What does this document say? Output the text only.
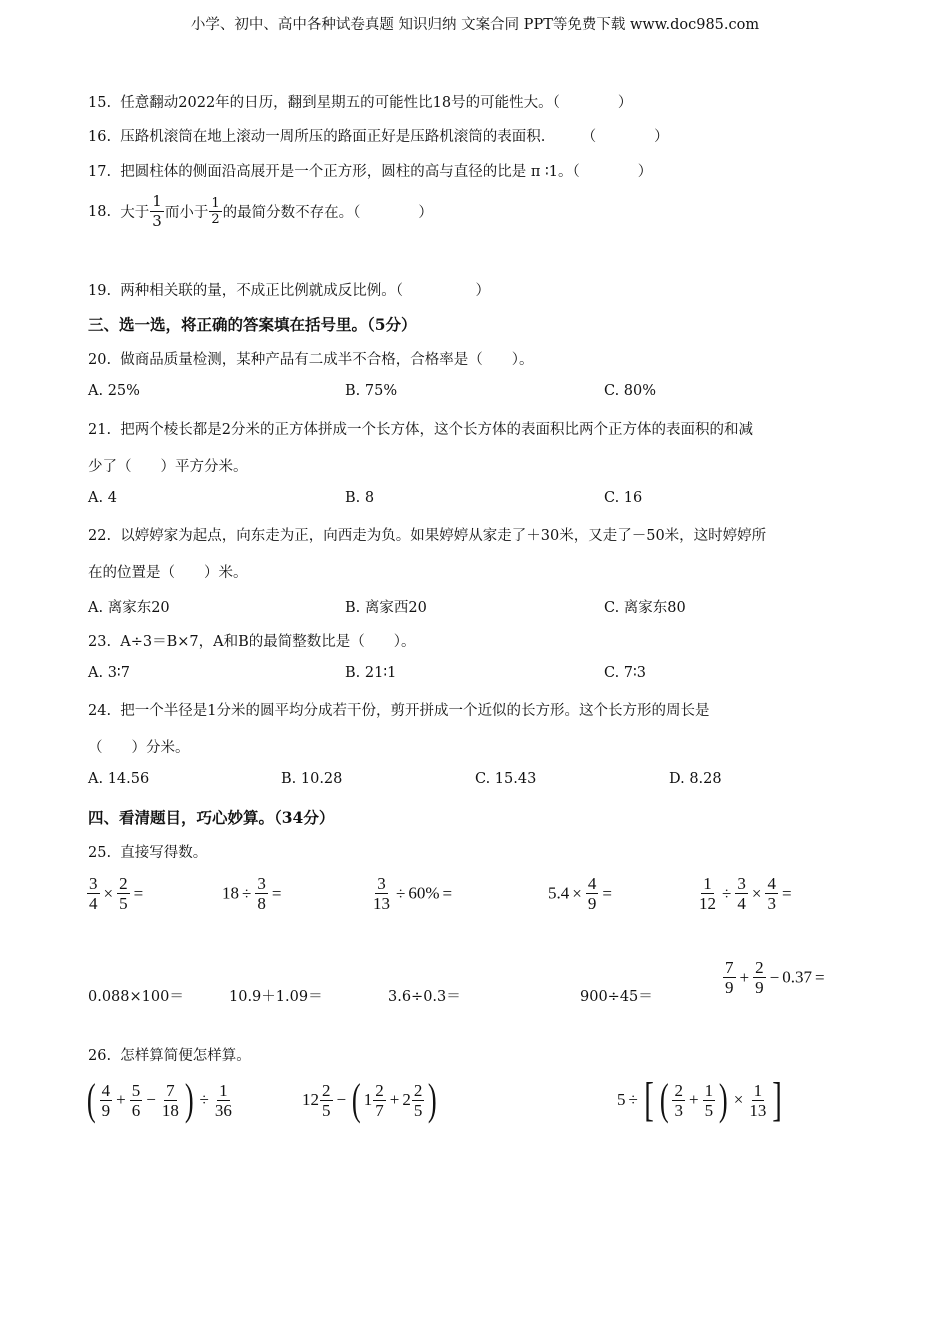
小学、初中、高中各种试卷真题 知识归纳 文案合同 PPT等免费下载 www.doc985.com
15. 任意翻动2022年的日历，翻到星期五的可能性比18号的可能性大。（　　　　）
16. 压路机滚筒在地上滚动一周所压的路面正好是压路机滚筒的表面积.　　　（　　　　）
17. 把圆柱体的侧面沿高展开是一个正方形，圆柱的高与直径的比是 π ∶1。（　　　　）
18.
大于 $\frac{1}{3}$ 而小于 $\frac{1}{2}$ 的最简分数不存在。（　　　　）
19. 两种相关联的量，不成正比例就成反比例。（　　　　　）
三、选一选，将正确的答案填在括号里。（5分）
20. 做商品质量检测，某种产品有二成半不合格，合格率是（　　）。
A. 25%	B. 75%	C. 80%
21. 把两个棱长都是2分米的正方体拼成一个长方体，这个长方体的表面积比两个正方体的表面积的和减
少了（　　）平方分米。
A. 4	B. 8	C. 16
22. 以婷婷家为起点，向东走为正，向西走为负。如果婷婷从家走了＋30米，又走了－50米，这时婷婷所
在的位置是（　　）米。
A. 离家东20	B. 离家西20	C. 离家东80
23. A÷3＝B×7，A和B的最简整数比是（　　）。
A. 3∶7	B. 21∶1	C. 7∶3
24. 把一个半径是1分米的圆平均分成若干份，剪开拼成一个近似的长方形。这个长方形的周长是
（　　）分米。
A. 14.56	B. 10.28	C. 15.43	D. 8.28
四、看清题目，巧心妙算。（34分）
25. 直接写得数。
$\frac{3}{4} \times \frac{2}{5}$ =	$18 \div \frac{3}{8}$ =	$\frac{3}{13} \div 60\%$ =	$5.4 \times \frac{4}{9}$ =	$\frac{1}{12} \div \frac{3}{4} \times \frac{4}{3}$ =
0.088×100＝	10.9＋1.09＝	3.6÷0.3＝	900÷45＝	$\frac{7}{9} + \frac{2}{9} - 0.37$ =
26. 怎样算简便怎样算。
( $\frac{4}{9} + \frac{5}{6} - \frac{7}{18}$ ) ÷ $\frac{1}{36}$	$12 \frac{2}{5}$ − ( $1 \frac{2}{7} + 2 \frac{2}{5}$ )	5 ÷ [ ( $\frac{2}{3} + \frac{1}{5}$ ) × $\frac{1}{13}$ ]
